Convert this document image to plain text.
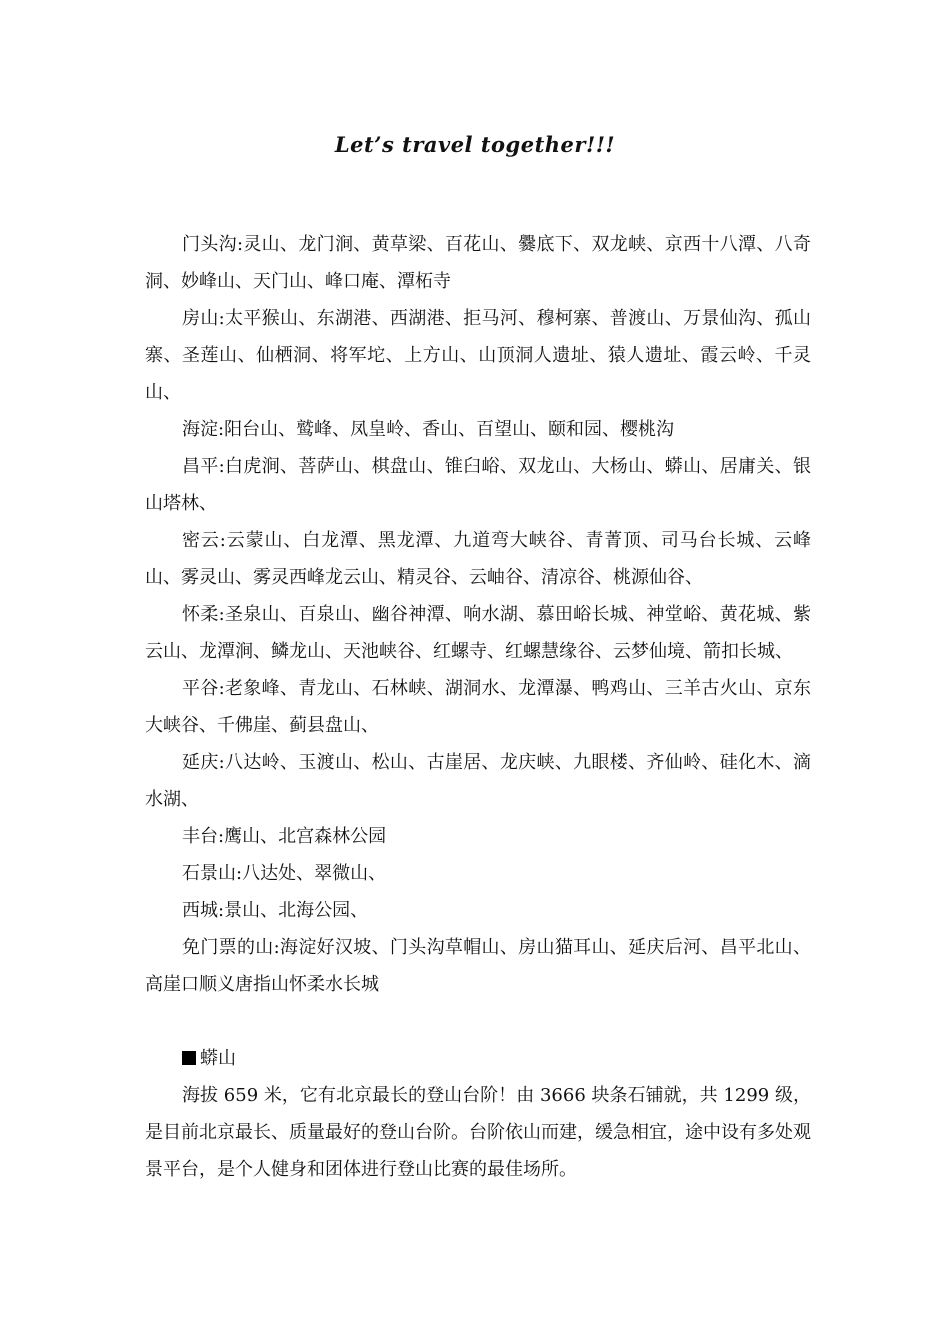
Let’s travel together!!!

门头沟:灵山、龙门涧、黄草梁、百花山、爨底下、双龙峡、京西十八潭、八奇洞、妙峰山、天门山、峰口庵、潭柘寺

房山:太平猴山、东湖港、西湖港、拒马河、穆柯寨、普渡山、万景仙沟、孤山寨、圣莲山、仙栖洞、将军坨、上方山、山顶洞人遗址、猿人遗址、霞云岭、千灵山、

海淀:阳台山、鹫峰、凤皇岭、香山、百望山、颐和园、樱桃沟

昌平:白虎涧、菩萨山、棋盘山、锥臼峪、双龙山、大杨山、蟒山、居庸关、银山塔林、

密云:云蒙山、白龙潭、黑龙潭、九道弯大峡谷、青菁顶、司马台长城、云峰山、雾灵山、雾灵西峰龙云山、精灵谷、云岫谷、清凉谷、桃源仙谷、

怀柔:圣泉山、百泉山、幽谷神潭、响水湖、慕田峪长城、神堂峪、黄花城、紫云山、龙潭涧、鳞龙山、天池峡谷、红螺寺、红螺慧缘谷、云梦仙境、箭扣长城、

平谷:老象峰、青龙山、石林峡、湖洞水、龙潭瀑、鸭鸡山、三羊古火山、京东大峡谷、千佛崖、蓟县盘山、

延庆:八达岭、玉渡山、松山、古崖居、龙庆峡、九眼楼、齐仙岭、硅化木、滴水湖、

丰台:鹰山、北宫森林公园

石景山:八达处、翠微山、

西城:景山、北海公园、

免门票的山:海淀好汉坡、门头沟草帽山、房山猫耳山、延庆后河、昌平北山、高崖口顺义唐指山怀柔水长城

蟒山

海拔 659 米，它有北京最长的登山台阶！由 3666 块条石铺就，共 1299 级，是目前北京最长、质量最好的登山台阶。台阶依山而建，缓急相宜，途中设有多处观景平台，是个人健身和团体进行登山比赛的最佳场所。
